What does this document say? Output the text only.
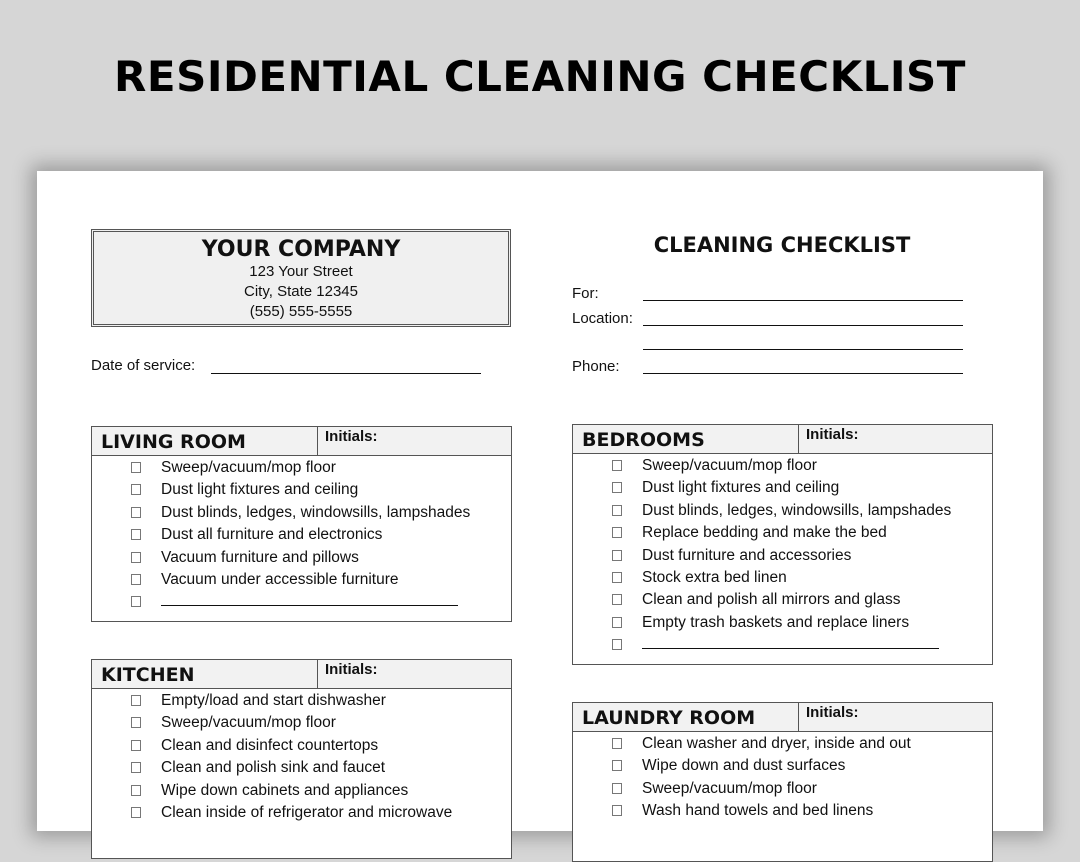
RESIDENTIAL CLEANING CHECKLIST
YOUR COMPANY
123 Your Street
City, State 12345
(555) 555-5555
Date of service:
CLEANING CHECKLIST
For:
Location:
Phone:
LIVING ROOM	Initials:
Sweep/vacuum/mop floor
Dust light fixtures and ceiling
Dust blinds, ledges, windowsills, lampshades
Dust all furniture and electronics
Vacuum furniture and pillows
Vacuum under accessible furniture
KITCHEN	Initials:
Empty/load and start dishwasher
Sweep/vacuum/mop floor
Clean and disinfect countertops
Clean and polish sink and faucet
Wipe down cabinets and appliances
Clean inside of refrigerator and microwave
BEDROOMS	Initials:
Sweep/vacuum/mop floor
Dust light fixtures and ceiling
Dust blinds, ledges, windowsills, lampshades
Replace bedding and make the bed
Dust furniture and accessories
Stock extra bed linen
Clean and polish all mirrors and glass
Empty trash baskets and replace liners
LAUNDRY ROOM	Initials:
Clean washer and dryer, inside and out
Wipe down and dust surfaces
Sweep/vacuum/mop floor
Wash hand towels and bed linens
